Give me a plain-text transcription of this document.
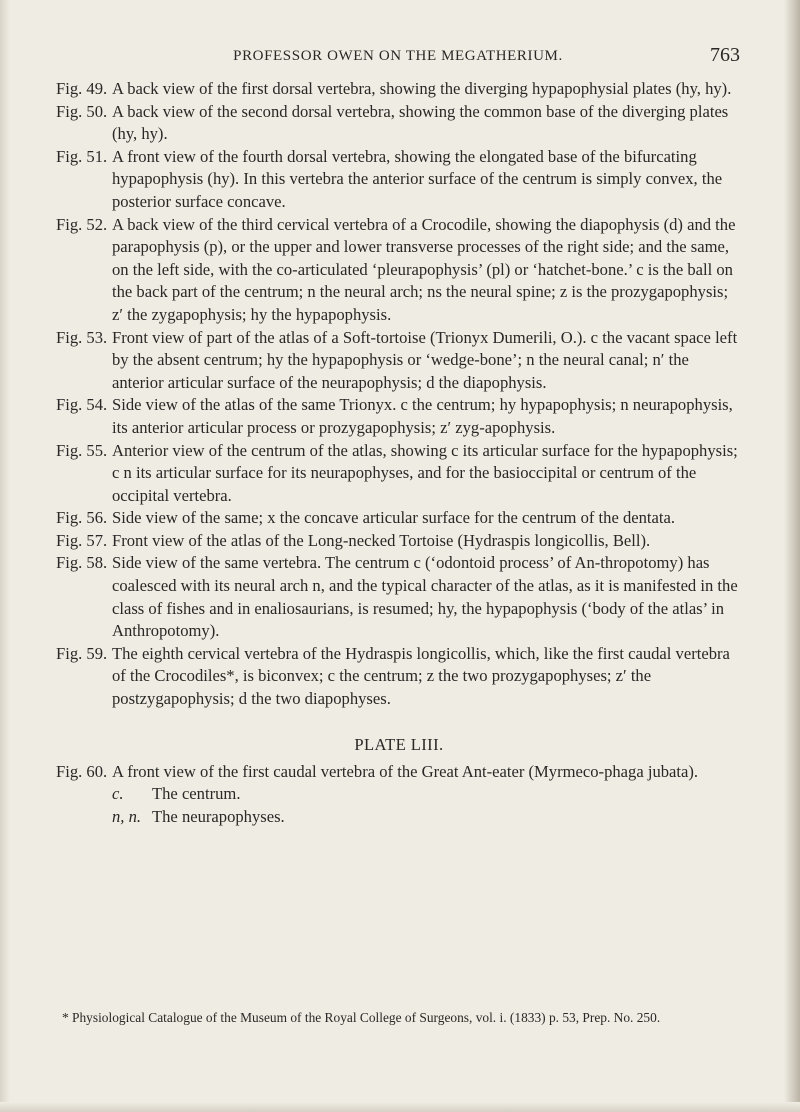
PROFESSOR OWEN ON THE MEGATHERIUM.	763
Fig. 49. A back view of the first dorsal vertebra, showing the diverging hypapophysial plates (hy, hy).
Fig. 50. A back view of the second dorsal vertebra, showing the common base of the diverging plates (hy, hy).
Fig. 51. A front view of the fourth dorsal vertebra, showing the elongated base of the bifurcating hypapophysis (hy). In this vertebra the anterior surface of the centrum is simply convex, the posterior surface concave.
Fig. 52. A back view of the third cervical vertebra of a Crocodile, showing the diapophysis (d) and the parapophysis (p), or the upper and lower transverse processes of the right side; and the same, on the left side, with the co-articulated ‘pleurapophysis’ (pl) or ‘hatchet-bone.’ c is the ball on the back part of the centrum; n the neural arch; ns the neural spine; z is the prozygapophysis; z′ the zygapophysis; hy the hypapophysis.
Fig. 53. Front view of part of the atlas of a Soft-tortoise (Trionyx Dumerili, O.). c the vacant space left by the absent centrum; hy the hypapophysis or ‘wedge-bone’; n the neural canal; n′ the anterior articular surface of the neurapophysis; d the diapophysis.
Fig. 54. Side view of the atlas of the same Trionyx. c the centrum; hy hypapophysis; n neurapophysis, its anterior articular process or prozygapophysis; z′ zyg-apophysis.
Fig. 55. Anterior view of the centrum of the atlas, showing c its articular surface for the hypapophysis; c n its articular surface for its neurapophyses, and for the basioccipital or centrum of the occipital vertebra.
Fig. 56. Side view of the same; x the concave articular surface for the centrum of the dentata.
Fig. 57. Front view of the atlas of the Long-necked Tortoise (Hydraspis longicollis, Bell).
Fig. 58. Side view of the same vertebra. The centrum c (‘odontoid process’ of An-thropotomy) has coalesced with its neural arch n, and the typical character of the atlas, as it is manifested in the class of fishes and in enaliosaurians, is resumed; hy, the hypapophysis (‘body of the atlas’ in Anthropotomy).
Fig. 59. The eighth cervical vertebra of the Hydraspis longicollis, which, like the first caudal vertebra of the Crocodiles*, is biconvex; c the centrum; z the two prozygapophyses; z′ the postzygapophysis; d the two diapophyses.
PLATE LIII.
Fig. 60. A front view of the first caudal vertebra of the Great Ant-eater (Myrmeco-phaga jubata).
c.	The centrum.
n, n. The neurapophyses.
* Physiological Catalogue of the Museum of the Royal College of Surgeons, vol. i. (1833) p. 53, Prep. No. 250.
